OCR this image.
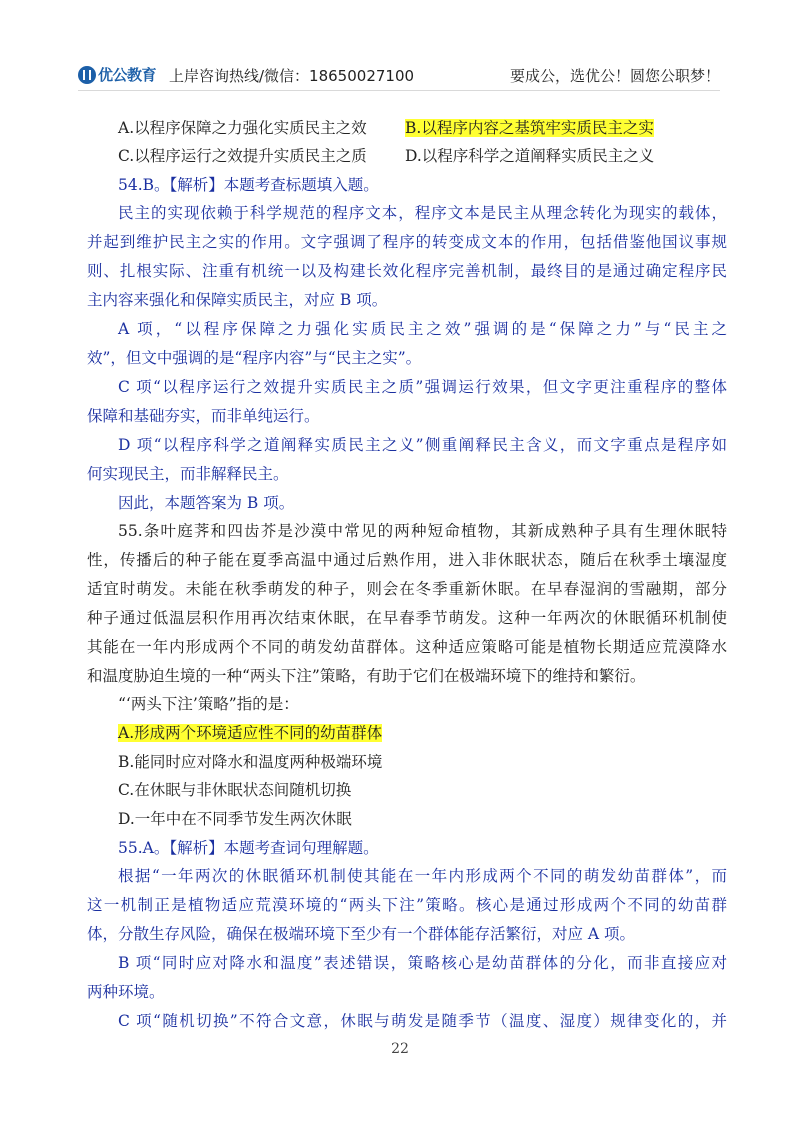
优公教育 上岸咨询热线/微信：18650027100	要成公，选优公！圆您公职梦！
A.以程序保障之力强化实质民主之效	B.以程序内容之基筑牢实质民主之实
C.以程序运行之效提升实质民主之质	D.以程序科学之道阐释实质民主之义
54.B。【解析】本题考查标题填入题。
民主的实现依赖于科学规范的程序文本，程序文本是民主从理念转化为现实的载体，
并起到维护民主之实的作用。文字强调了程序的转变成文本的作用，包括借鉴他国议事规
则、扎根实际、注重有机统一以及构建长效化程序完善机制，最终目的是通过确定程序民
主内容来强化和保障实质民主，对应 B 项。
A 项，“以程序保障之力强化实质民主之效”强调的是“保障之力”与“民主之
效”，但文中强调的是“程序内容”与“民主之实”。
C 项“以程序运行之效提升实质民主之质”强调运行效果，但文字更注重程序的整体
保障和基础夯实，而非单纯运行。
D 项“以程序科学之道阐释实质民主之义”侧重阐释民主含义，而文字重点是程序如
何实现民主，而非解释民主。
因此，本题答案为 B 项。
55.条叶庭荠和四齿芥是沙漠中常见的两种短命植物，其新成熟种子具有生理休眠特
性，传播后的种子能在夏季高温中通过后熟作用，进入非休眠状态，随后在秋季土壤湿度
适宜时萌发。未能在秋季萌发的种子，则会在冬季重新休眠。在早春湿润的雪融期，部分
种子通过低温层积作用再次结束休眠，在早春季节萌发。这种一年两次的休眠循环机制使
其能在一年内形成两个不同的萌发幼苗群体。这种适应策略可能是植物长期适应荒漠降水
和温度胁迫生境的一种“两头下注”策略，有助于它们在极端环境下的维持和繁衍。
“‘两头下注’策略”指的是：
A.形成两个环境适应性不同的幼苗群体
B.能同时应对降水和温度两种极端环境
C.在休眠与非休眠状态间随机切换
D.一年中在不同季节发生两次休眠
55.A。【解析】本题考查词句理解题。
根据“一年两次的休眠循环机制使其能在一年内形成两个不同的萌发幼苗群体”，而
这一机制正是植物适应荒漠环境的“两头下注”策略。核心是通过形成两个不同的幼苗群
体，分散生存风险，确保在极端环境下至少有一个群体能存活繁衍，对应 A 项。
B 项“同时应对降水和温度”表述错误，策略核心是幼苗群体的分化，而非直接应对
两种环境。
C 项“随机切换”不符合文意，休眠与萌发是随季节（温度、湿度）规律变化的，并
22
